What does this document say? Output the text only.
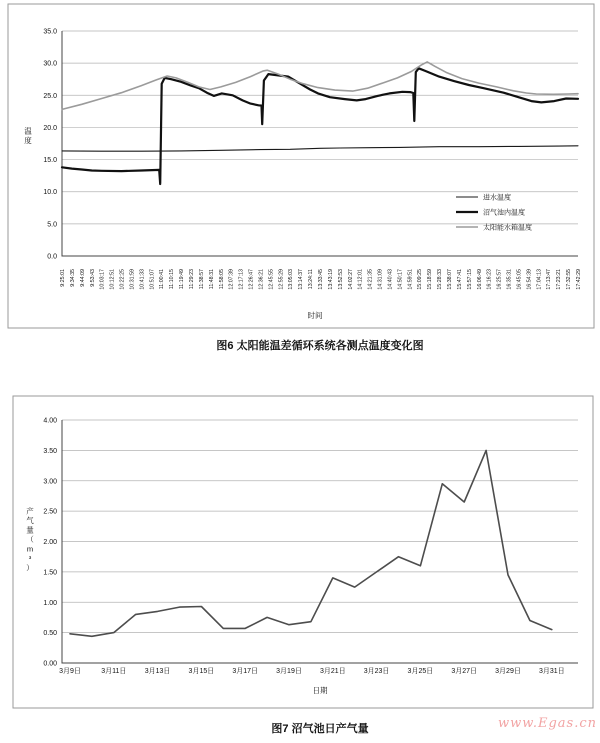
0.0
5.0
10.0
15.0
20.0
25.0
30.0
35.0
9:25:01 9:34:35 9:44:09 9:53:43 10:03:17 10:12:51 10:22:25 10:31:59 10:41:33 10:51:07 11:00:41 11:10:15 11:19:49 11:29:23 11:38:57 11:48:31 11:58:05 12:07:39 12:17:13 12:26:47 12:36:21 12:45:55 12:55:29 13:05:03 13:14:37 13:24:11 13:33:45 13:43:19 13:52:53 14:02:27 14:12:01 14:21:35 14:31:09 14:40:43 14:50:17 14:59:51 15:09:25 15:18:59 15:28:33 15:38:07 15:47:41 15:57:15 16:06:49 16:16:23 16:25:57 16:35:31 16:45:05 16:54:39 17:04:13 17:13:47 17:23:21 17:32:55 17:42:29
时间
温度
进水温度
沼气池内温度
太阳能水箱温度
图6 太阳能温差循环系统各测点温度变化图
0.00
0.50
1.00
1.50
2.00
2.50
3.00
3.50
4.00
3月9日	3月11日	3月13日	3月15日	3月17日	3月19日	3月21日	3月23日	3月25日	3月27日	3月29日	3月31日
日期
产气量（ m ³ ）
图7 沼气池日产气量	www.Egas.cn
